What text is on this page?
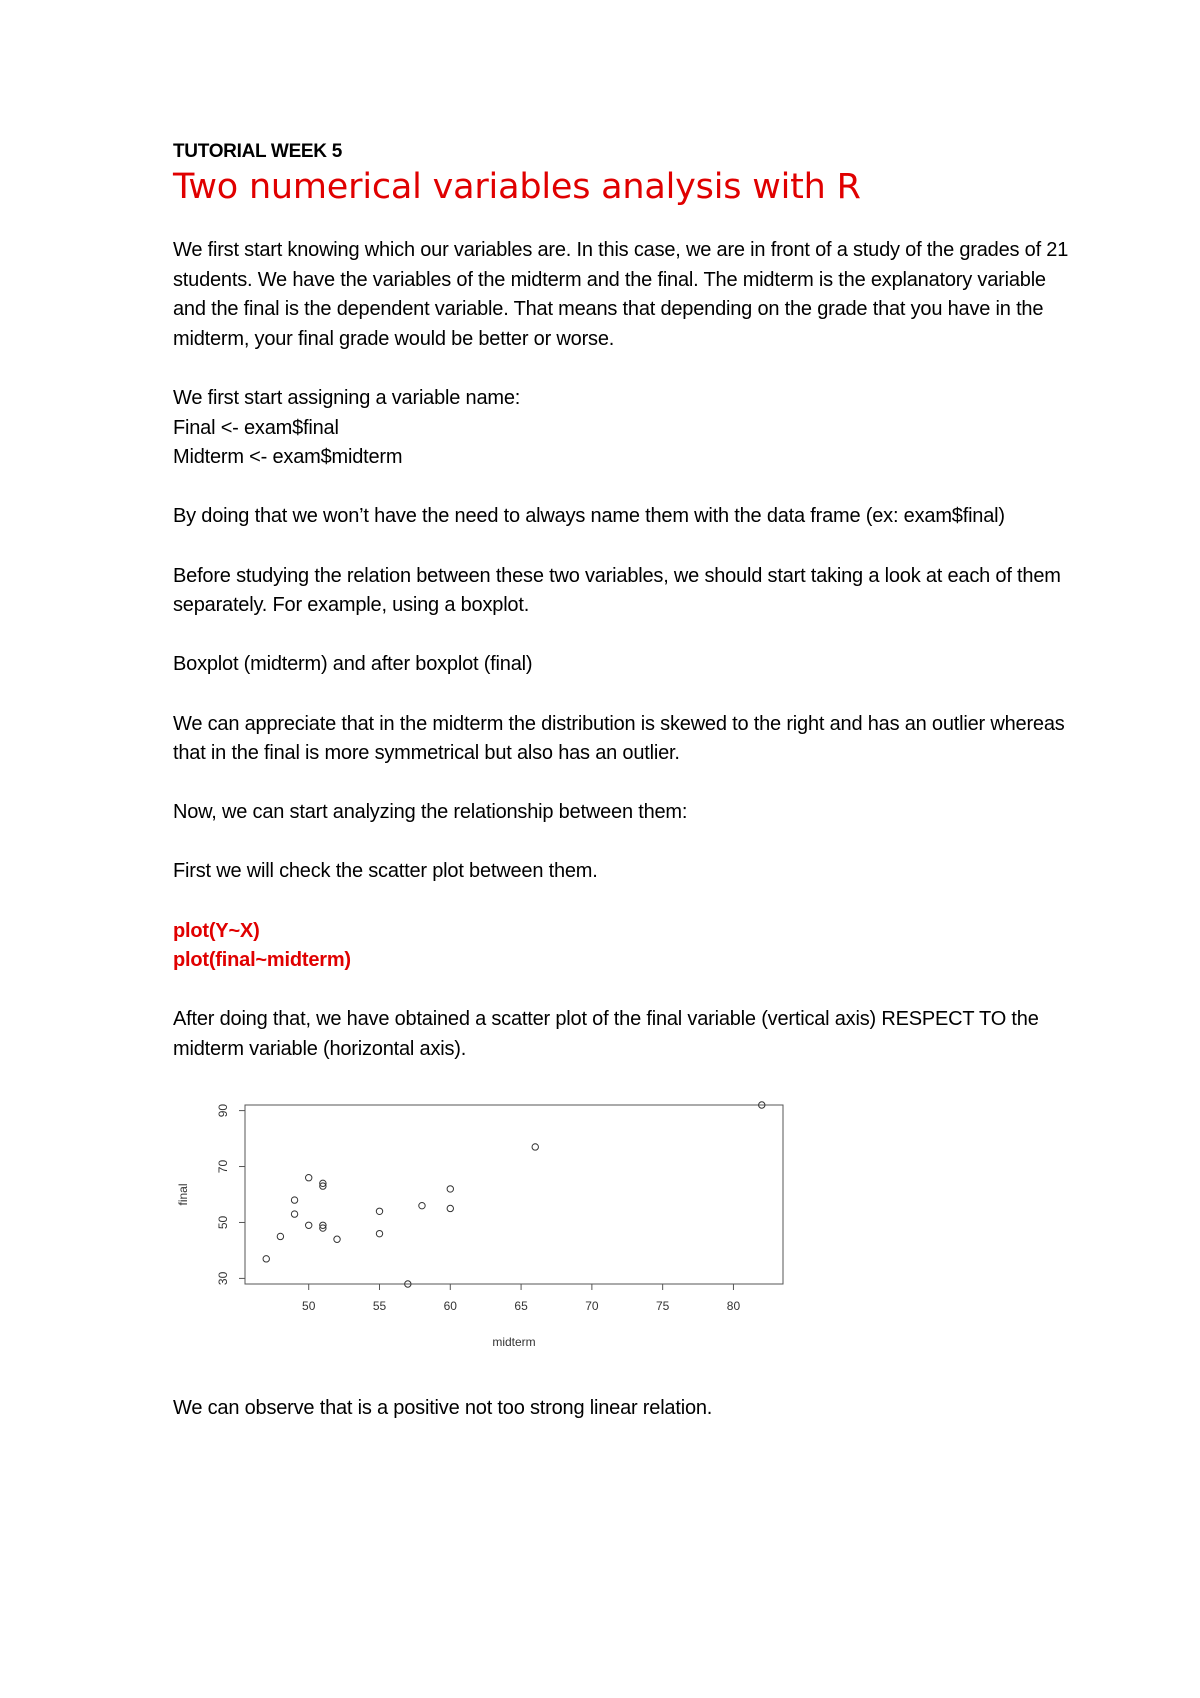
TUTORIAL WEEK 5

Two numerical variables analysis with R

We first start knowing which our variables are. In this case, we are in front of a study of the grades of 21 students. We have the variables of the midterm and the final. The midterm is the explanatory variable and the final is the dependent variable. That means that depending on the grade that you have in the midterm, your final grade would be better or worse.

We first start assigning a variable name:
Final <- exam$final
Midterm <- exam$midterm

By doing that we won’t have the need to always name them with the data frame (ex: exam$final)

Before studying the relation between these two variables, we should start taking a look at each of them separately. For example, using a boxplot.

Boxplot (midterm) and after boxplot (final)

We can appreciate that in the midterm the distribution is skewed to the right and has an outlier whereas that in the final is more symmetrical but also has an outlier.

Now, we can start analyzing the relationship between them:

First we will check the scatter plot between them.

plot(Y~X)
plot(final~midterm)

After doing that, we have obtained a scatter plot of the final variable (vertical axis) RESPECT TO the midterm variable (horizontal axis).

50	55	60	65	70	75	80
30
50
70
90
midterm
final

We can observe that is a positive not too strong linear relation.
